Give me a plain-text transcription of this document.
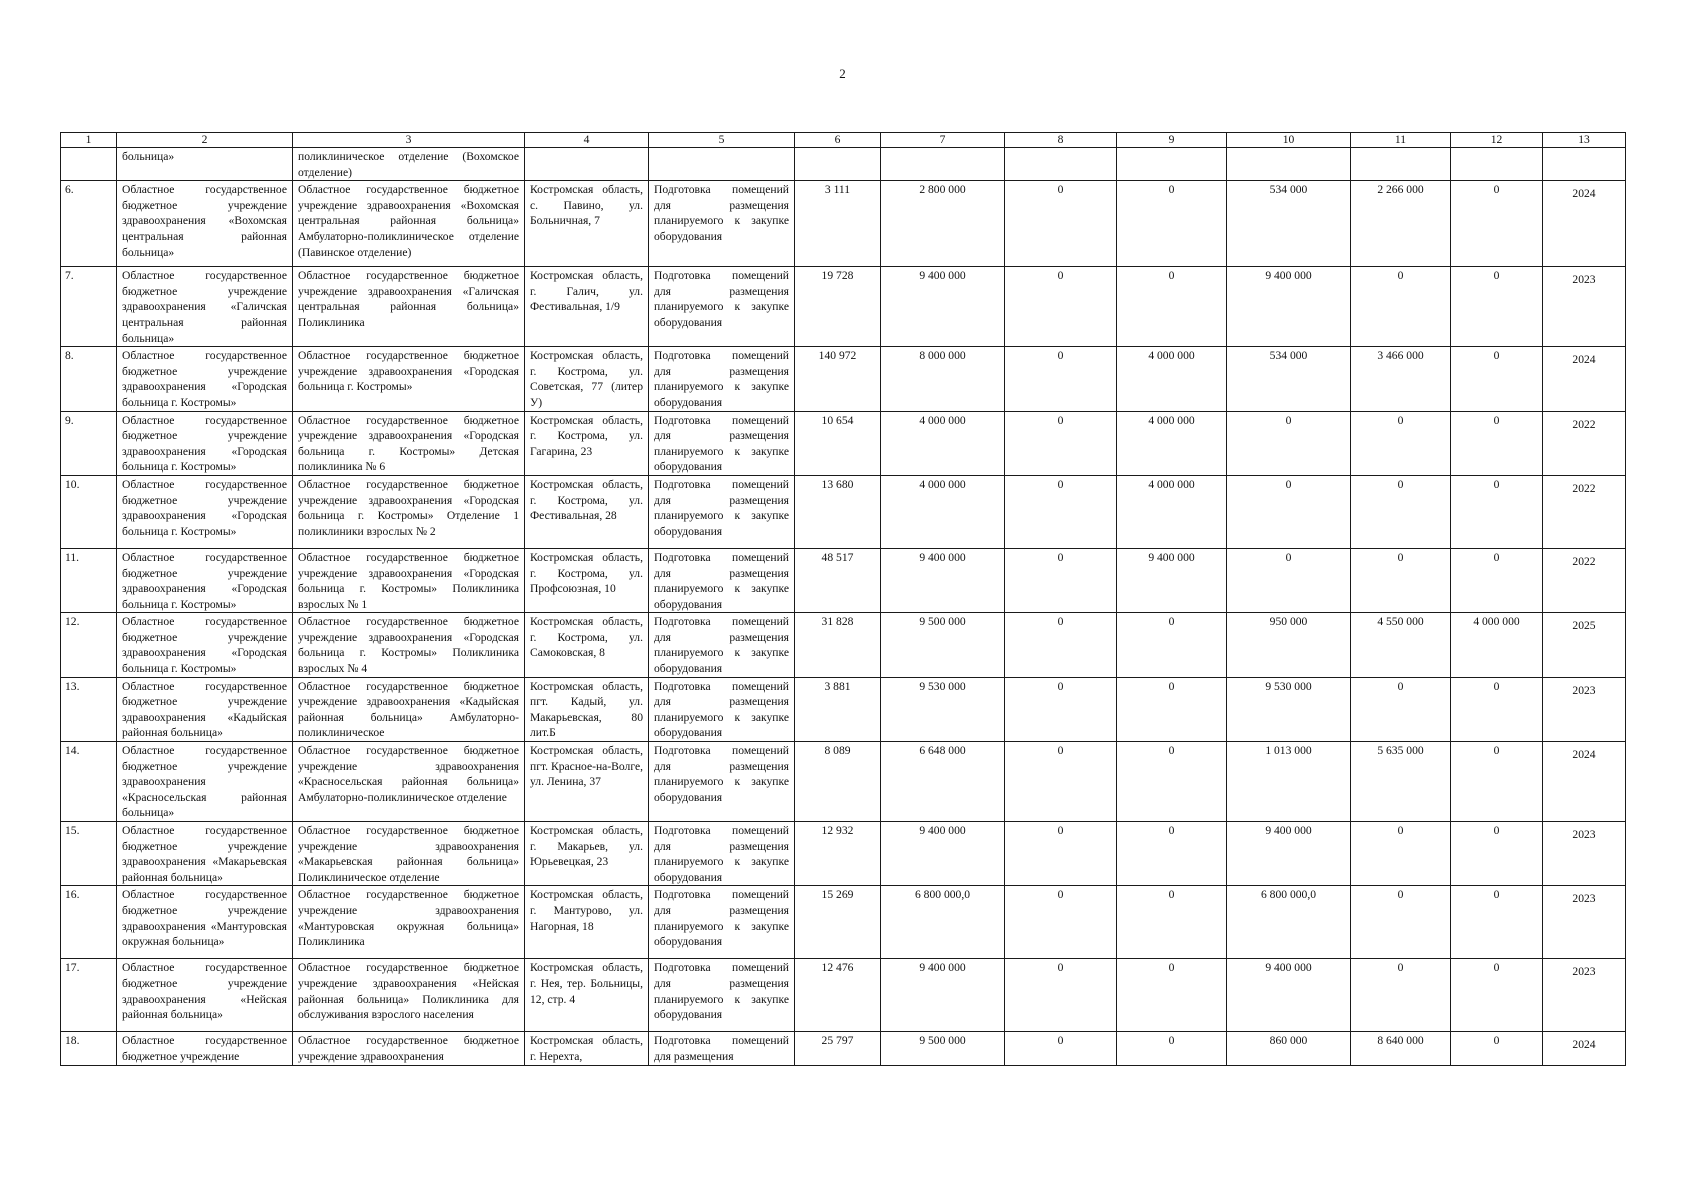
2
1	2	3	4	5	6	7	8	9	10	11	12	13
	больница»	поликлиническое отделение (Вохомское отделение)										

6.	Областное государственное бюджетное учреждение здравоохранения «Вохомская центральная районная больница»	Областное государственное бюджетное учреждение здравоохранения «Вохомская центральная районная больница» Амбулаторно-поликлиническое отделение (Павинское отделение)	Костромская область, с. Павино, ул. Больничная, 7	Подготовка помещений для размещения планируемого к закупке оборудования	3 111	2 800 000	0	0	534 000	2 266 000	0	2024

7.	Областное государственное бюджетное учреждение здравоохранения «Галичская центральная районная больница»	Областное государственное бюджетное учреждение здравоохранения «Галичская центральная районная больница» Поликлиника	Костромская область, г. Галич, ул. Фестивальная, 1/9	Подготовка помещений для размещения планируемого к закупке оборудования	19 728	9 400 000	0	0	9 400 000	0	0	2023

8.	Областное государственное бюджетное учреждение здравоохранения «Городская больница г. Костромы»	Областное государственное бюджетное учреждение здравоохранения «Городская больница г. Костромы»	Костромская область, г. Кострома, ул. Советская, 77 (литер У)	Подготовка помещений для размещения планируемого к закупке оборудования	140 972	8 000 000	0	4 000 000	534 000	3 466 000	0	2024

9.	Областное государственное бюджетное учреждение здравоохранения «Городская больница г. Костромы»	Областное государственное бюджетное учреждение здравоохранения «Городская больница г. Костромы» Детская поликлиника № 6	Костромская область, г. Кострома, ул. Гагарина, 23	Подготовка помещений для размещения планируемого к закупке оборудования	10 654	4 000 000	0	4 000 000	0	0	0	2022

10.	Областное государственное бюджетное учреждение здравоохранения «Городская больница г. Костромы»	Областное государственное бюджетное учреждение здравоохранения «Городская больница г. Костромы» Отделение 1 поликлиники взрослых № 2	Костромская область, г. Кострома, ул. Фестивальная, 28	Подготовка помещений для размещения планируемого к закупке оборудования	13 680	4 000 000	0	4 000 000	0	0	0	2022

11.	Областное государственное бюджетное учреждение здравоохранения «Городская больница г. Костромы»	Областное государственное бюджетное учреждение здравоохранения «Городская больница г. Костромы» Поликлиника взрослых № 1	Костромская область, г. Кострома, ул. Профсоюзная, 10	Подготовка помещений для размещения планируемого к закупке оборудования	48 517	9 400 000	0	9 400 000	0	0	0	2022

12.	Областное государственное бюджетное учреждение здравоохранения «Городская больница г. Костромы»	Областное государственное бюджетное учреждение здравоохранения «Городская больница г. Костромы» Поликлиника взрослых № 4	Костромская область, г. Кострома, ул. Самоковская, 8	Подготовка помещений для размещения планируемого к закупке оборудования	31 828	9 500 000	0	0	950 000	4 550 000	4 000 000	2025

13.	Областное государственное бюджетное учреждение здравоохранения «Кадыйская районная больница»	Областное государственное бюджетное учреждение здравоохранения «Кадыйская районная больница» Амбулаторно-поликлиническое	Костромская область, пгт. Кадый, ул. Макарьевская, 80 лит.Б	Подготовка помещений для размещения планируемого к закупке оборудования	3 881	9 530 000	0	0	9 530 000	0	0	2023

14.	Областное государственное бюджетное учреждение здравоохранения «Красносельская районная больница»	Областное государственное бюджетное учреждение здравоохранения «Красносельская районная больница» Амбулаторно-поликлиническое отделение	Костромская область, пгт. Красное-на-Волге, ул. Ленина, 37	Подготовка помещений для размещения планируемого к закупке оборудования	8 089	6 648 000	0	0	1 013 000	5 635 000	0	2024

15.	Областное государственное бюджетное учреждение здравоохранения «Макарьевская районная больница»	Областное государственное бюджетное учреждение здравоохранения «Макарьевская районная больница» Поликлиническое отделение	Костромская область, г. Макарьев, ул. Юрьевецкая, 23	Подготовка помещений для размещения планируемого к закупке оборудования	12 932	9 400 000	0	0	9 400 000	0	0	2023

16.	Областное государственное бюджетное учреждение здравоохранения «Мантуровская окружная больница»	Областное государственное бюджетное учреждение здравоохранения «Мантуровская окружная больница» Поликлиника	Костромская область, г. Мантурово, ул. Нагорная, 18	Подготовка помещений для размещения планируемого к закупке оборудования	15 269	6 800 000,0	0	0	6 800 000,0	0	0	2023

17.	Областное государственное бюджетное учреждение здравоохранения «Нейская районная больница»	Областное государственное бюджетное учреждение здравоохранения «Нейская районная больница» Поликлиника для обслуживания взрослого населения	Костромская область, г. Нея, тер. Больницы, 12, стр. 4	Подготовка помещений для размещения планируемого к закупке оборудования	12 476	9 400 000	0	0	9 400 000	0	0	2023

18.	Областное государственное бюджетное учреждение	Областное государственное бюджетное учреждение здравоохранения	Костромская область, г. Нерехта,	Подготовка помещений для размещения	25 797	9 500 000	0	0	860 000	8 640 000	0	2024
